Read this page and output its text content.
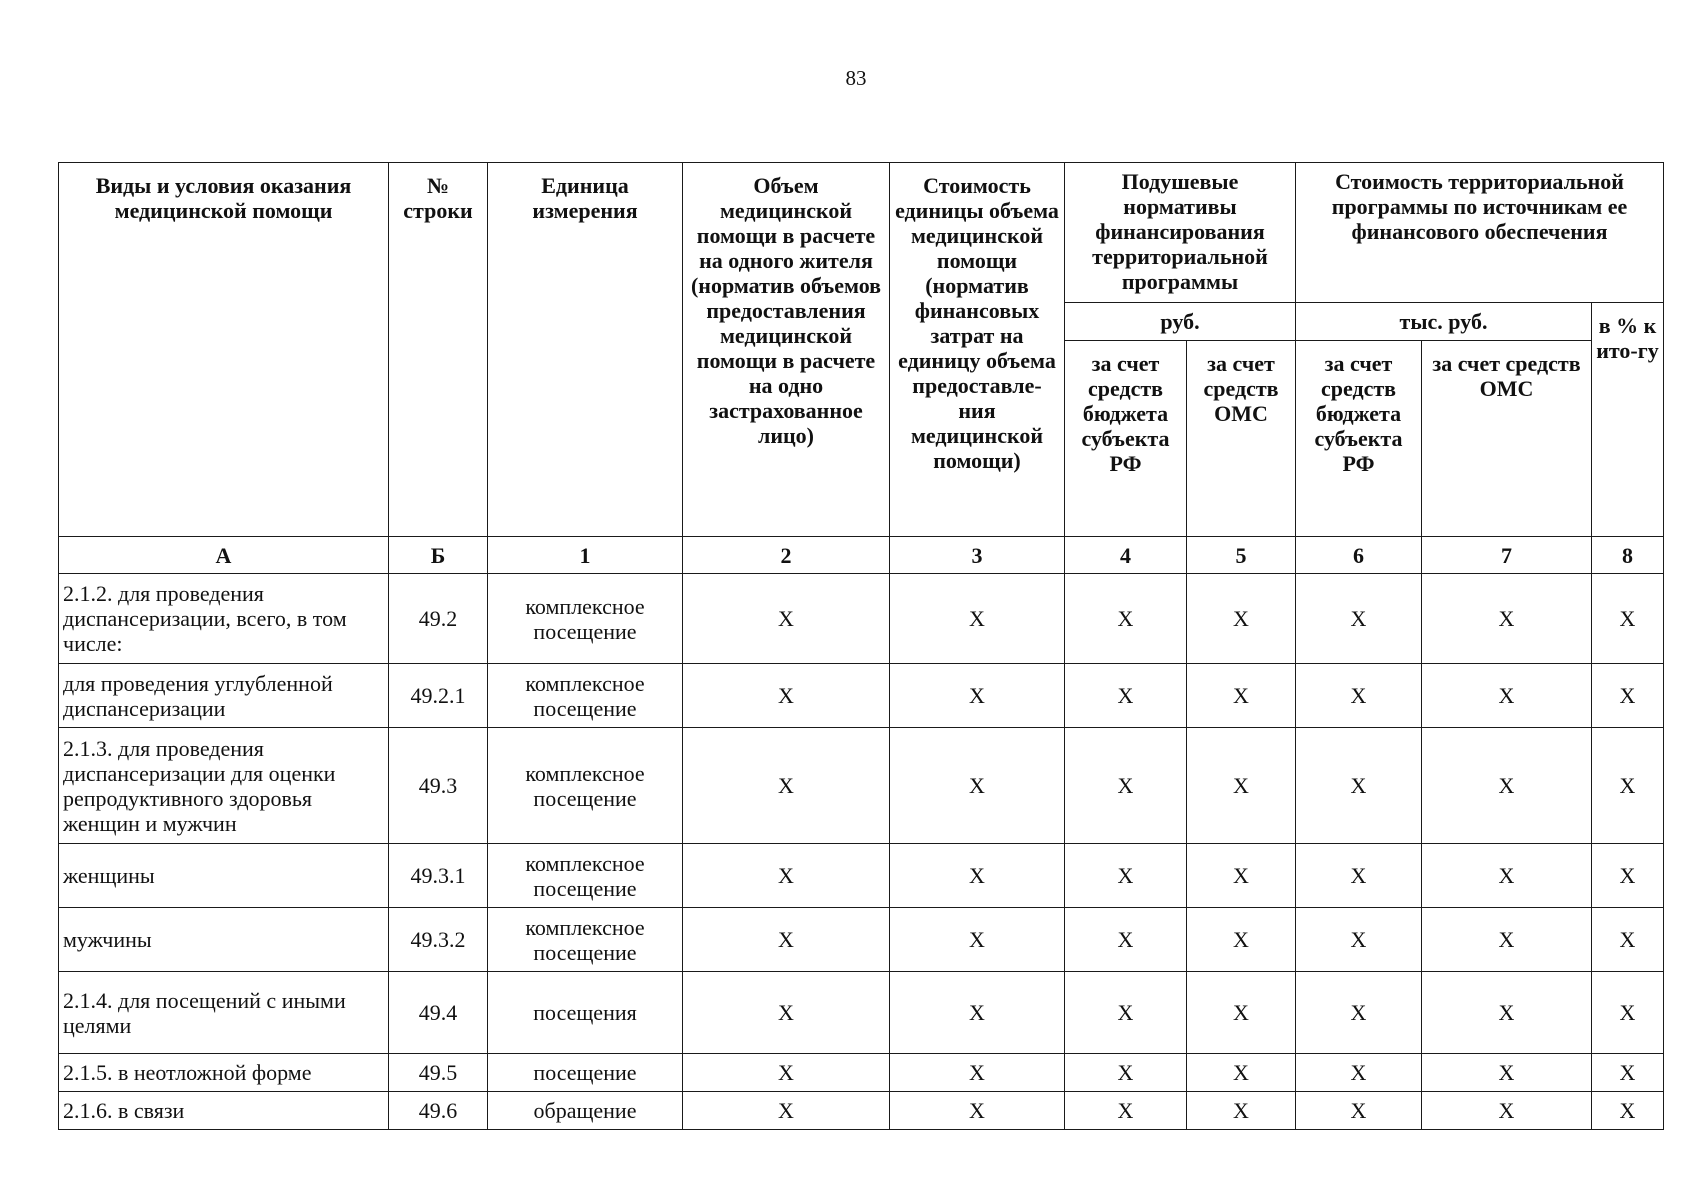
83
Виды и условия оказания медицинской помощи	№ строки	Единица измерения	Объем медицинской помощи в расчете на одного жителя (норматив объемов предоставления медицинской помощи в расчете на одно застрахованное лицо)	Стоимость единицы объема медицинской помощи (норматив финансовых затрат на единицу объема предоставле-ния медицинской помощи)	Подушевые нормативы финансирования территориальной программы		Стоимость территориальной программы по источникам ее финансового обеспечения		
					руб.		тыс. руб.		в % к ито-гу
					за счет средств бюджета субъекта РФ	за счет средств ОМС	за счет средств бюджета субъекта РФ	за счет средств ОМС	
А	Б	1	2	3	4	5	6	7	8
2.1.2. для проведения диспансеризации, всего, в том числе:	49.2	комплексное посещение	Х	Х	Х	Х	Х	Х	Х
для проведения углубленной диспансеризации	49.2.1	комплексное посещение	Х	Х	Х	Х	Х	Х	Х
2.1.3. для проведения диспансеризации для оценки репродуктивного здоровья женщин и мужчин	49.3	комплексное посещение	Х	Х	Х	Х	Х	Х	Х
женщины	49.3.1	комплексное посещение	Х	Х	Х	Х	Х	Х	Х
мужчины	49.3.2	комплексное посещение	Х	Х	Х	Х	Х	Х	Х
2.1.4. для посещений с иными целями	49.4	посещения	Х	Х	Х	Х	Х	Х	Х
2.1.5. в неотложной форме	49.5	посещение	Х	Х	Х	Х	Х	Х	Х
2.1.6. в связи	49.6	обращение	Х	Х	Х	Х	Х	Х	Х
